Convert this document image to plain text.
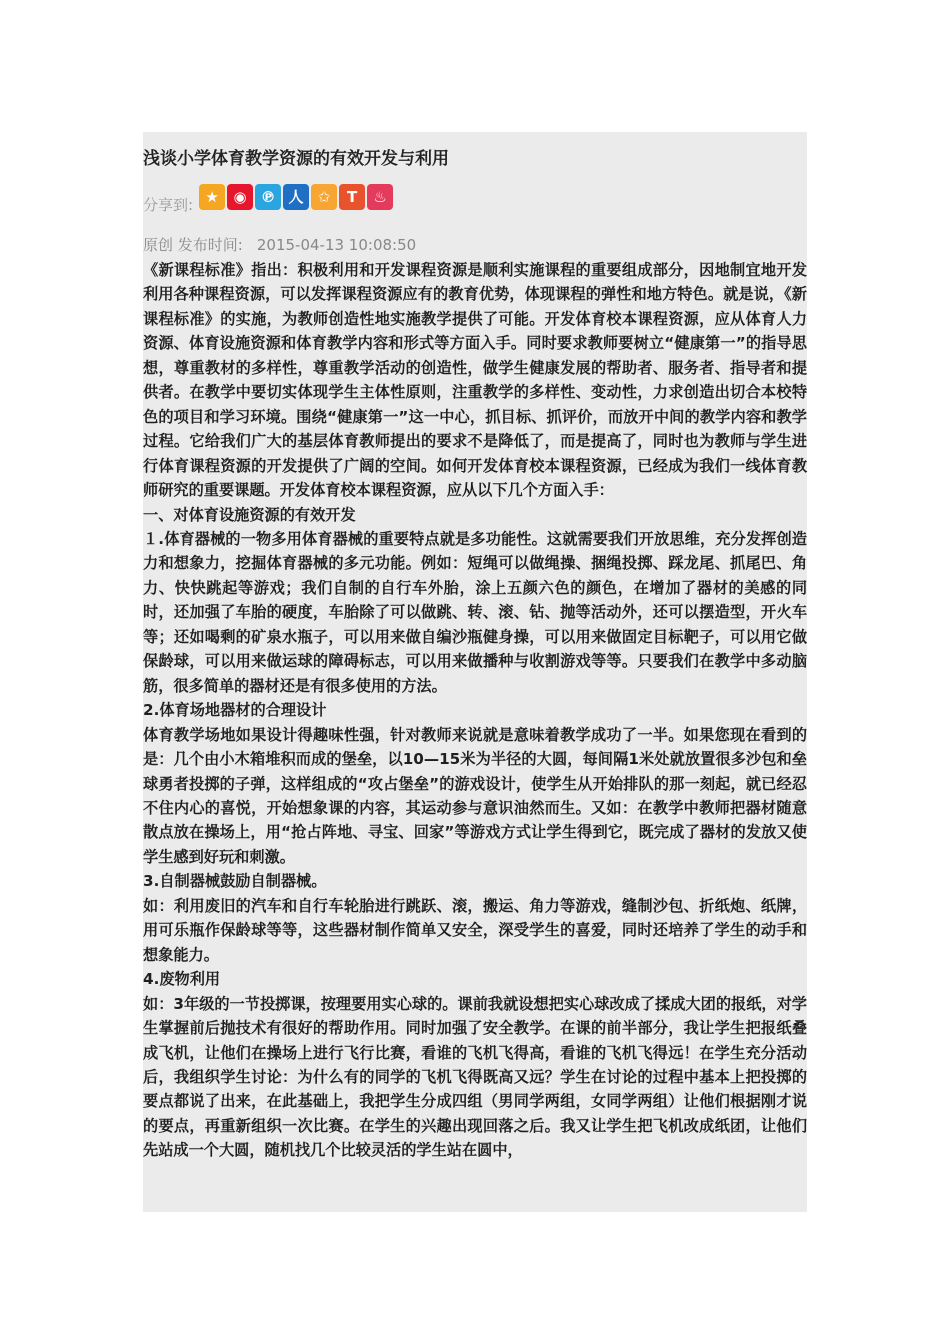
浅谈小学体育教学资源的有效开发与利用
分享到: ★ ◉ ℗ 人 ✩	T	♨
原创 发布时间: 2015-04-13 10:08:50

《新课程标准》指出：积极利用和开发课程资源是顺利实施课程的重要组成部分，因地制宜地开发利用各种课程资源，可以发挥课程资源应有的教育优势，体现课程的弹性和地方特色。就是说，《新课程标准》的实施，为教师创造性地实施教学提供了可能。开发体育校本课程资源，应从体育人力资源、体育设施资源和体育教学内容和形式等方面入手。同时要求教师要树立“健康第一”的指导思想，尊重教材的多样性，尊重教学活动的创造性，做学生健康发展的帮助者、服务者、指导者和提供者。在教学中要切实体现学生主体性原则，注重教学的多样性、变动性，力求创造出切合本校特色的项目和学习环境。围绕“健康第一”这一中心，抓目标、抓评价，而放开中间的教学内容和教学过程。它给我们广大的基层体育教师提出的要求不是降低了，而是提高了，同时也为教师与学生进行体育课程资源的开发提供了广阔的空间。如何开发体育校本课程资源，已经成为我们一线体育教师研究的重要课题。开发体育校本课程资源，应从以下几个方面入手：

一、对体育设施资源的有效开发

１.体育器械的一物多用体育器械的重要特点就是多功能性。这就需要我们开放思维，充分发挥创造力和想象力，挖掘体育器械的多元功能。例如：短绳可以做绳操、捆绳投掷、踩龙尾、抓尾巴、角力、快快跳起等游戏；我们自制的自行车外胎，涂上五颜六色的颜色，在增加了器材的美感的同时，还加强了车胎的硬度，车胎除了可以做跳、转、滚、钻、抛等活动外，还可以摆造型，开火车等；还如喝剩的矿泉水瓶子，可以用来做自编沙瓶健身操，可以用来做固定目标靶子，可以用它做保龄球，可以用来做运球的障碍标志，可以用来做播种与收割游戏等等。只要我们在教学中多动脑筋，很多简单的器材还是有很多使用的方法。

2.体育场地器材的合理设计

体育教学场地如果设计得趣味性强，针对教师来说就是意味着教学成功了一半。如果您现在看到的是：几个由小木箱堆积而成的堡垒，以10—15米为半径的大圆，每间隔1米处就放置很多沙包和垒球勇者投掷的子弹，这样组成的“攻占堡垒”的游戏设计，使学生从开始排队的那一刻起，就已经忍不住内心的喜悦，开始想象课的内容，其运动参与意识油然而生。又如：在教学中教师把器材随意散点放在操场上，用“抢占阵地、寻宝、回家”等游戏方式让学生得到它，既完成了器材的发放又使学生感到好玩和刺激。

3.自制器械鼓励自制器械。

如：利用废旧的汽车和自行车轮胎进行跳跃、滚，搬运、角力等游戏，缝制沙包、折纸炮、纸牌，用可乐瓶作保龄球等等，这些器材制作简单又安全，深受学生的喜爱，同时还培养了学生的动手和想象能力。

4.废物利用

如：3年级的一节投掷课，按理要用实心球的。课前我就设想把实心球改成了揉成大团的报纸，对学生掌握前后抛技术有很好的帮助作用。同时加强了安全教学。在课的前半部分，我让学生把报纸叠成飞机，让他们在操场上进行飞行比赛，看谁的飞机飞得高，看谁的飞机飞得远！在学生充分活动后，我组织学生讨论：为什么有的同学的飞机飞得既高又远？学生在讨论的过程中基本上把投掷的要点都说了出来，在此基础上，我把学生分成四组（男同学两组，女同学两组）让他们根据刚才说的要点，再重新组织一次比赛。在学生的兴趣出现回落之后。我又让学生把飞机改成纸团，让他们先站成一个大圆，随机找几个比较灵活的学生站在圆中，
